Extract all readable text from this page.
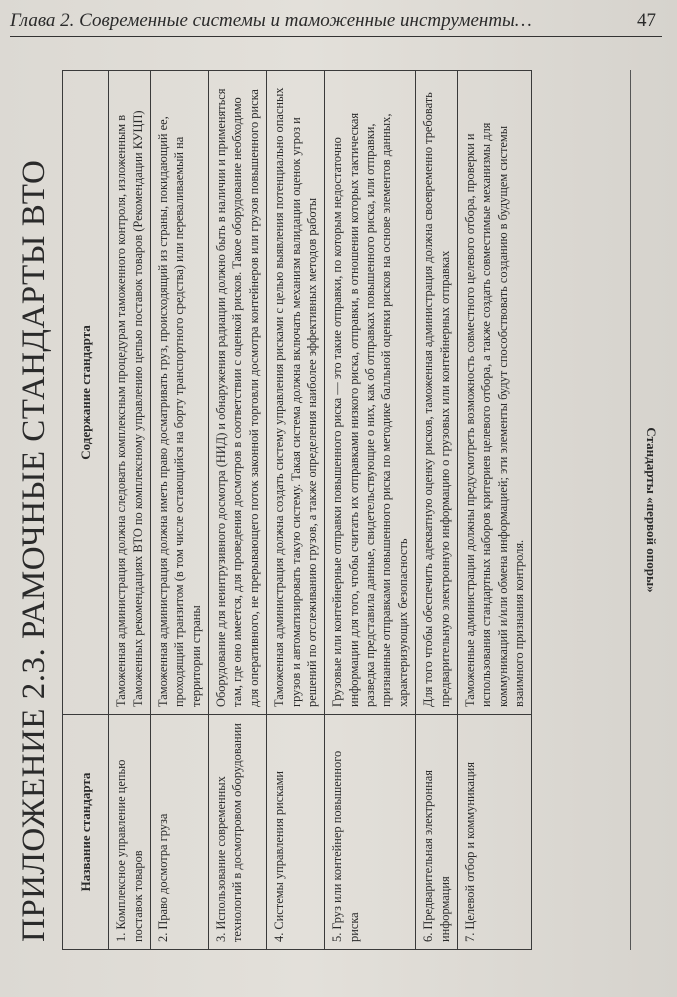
Глава 2. Современные системы и таможенные инструменты…	47
ПРИЛОЖЕНИЕ 2.3. РАМОЧНЫЕ СТАНДАРТЫ ВТО	Название стандарта	Содержание стандарта
1. Комплексное управление цепью поставок товаров	Таможенная администрация должна следовать комплексным процедурам таможенного контроля, изложенным в Таможенных рекомендациях ВТО по комплексному управлению цепью поставок товаров (Рекомендации КУЦП)
2. Право досмотра груза	Таможенная администрация должна иметь право досматривать груз, происходящий из страны, покидающий ее, проходящий транзитом (в том числе остающийся на борту транспортного средства) или переваливаемый на территории страны
3. Использование современных технологий в досмотровом оборудовании	Оборудование для неинтрузивного досмотра (НИД) и обнаружения радиации должно быть в наличии и применяться там, где оно имеется, для проведения досмотров в соответствии с оценкой рисков. Такое оборудование необходимо для оперативного, не прерывающего поток законной торговли досмотра контейнеров или грузов повышенного риска
4. Системы управления рисками	Таможенная администрация должна создать систему управления рисками с целью выявления потенциально опасных грузов и автоматизировать такую систему. Такая система должна включать механизм валидации оценок угроз и решений по отслеживанию грузов, а также определения наиболее эффективных методов работы
5. Груз или контейнер повышенного риска	Грузовые или контейнерные отправки повышенного риска — это такие отправки, по которым недостаточно информации для того, чтобы считать их отправками низкого риска, отправки, в отношении которых тактическая разведка представила данные, свидетельствующие о них, как об отправках повышенного риска, или отправки, признанные отправками повышенного риска по методике балльной оценки рисков на основе элементов данных, характеризующих безопасность
6. Предварительная электронная информация	Для того чтобы обеспечить адекватную оценку рисков, таможенная администрация должна своевременно требовать предварительную электронную информацию о грузовых или контейнерных отправках
7. Целевой отбор и коммуникация	Таможенные администрации должны предусмотреть возможность совместного целевого отбора, проверки и использования стандартных наборов критериев целевого отбора, а также создать совместимые механизмы для коммуникаций и/или обмена информацией; эти элементы будут способствовать созданию в будущем системы взаимного признания контроля.
Стандарты «первой опоры»
